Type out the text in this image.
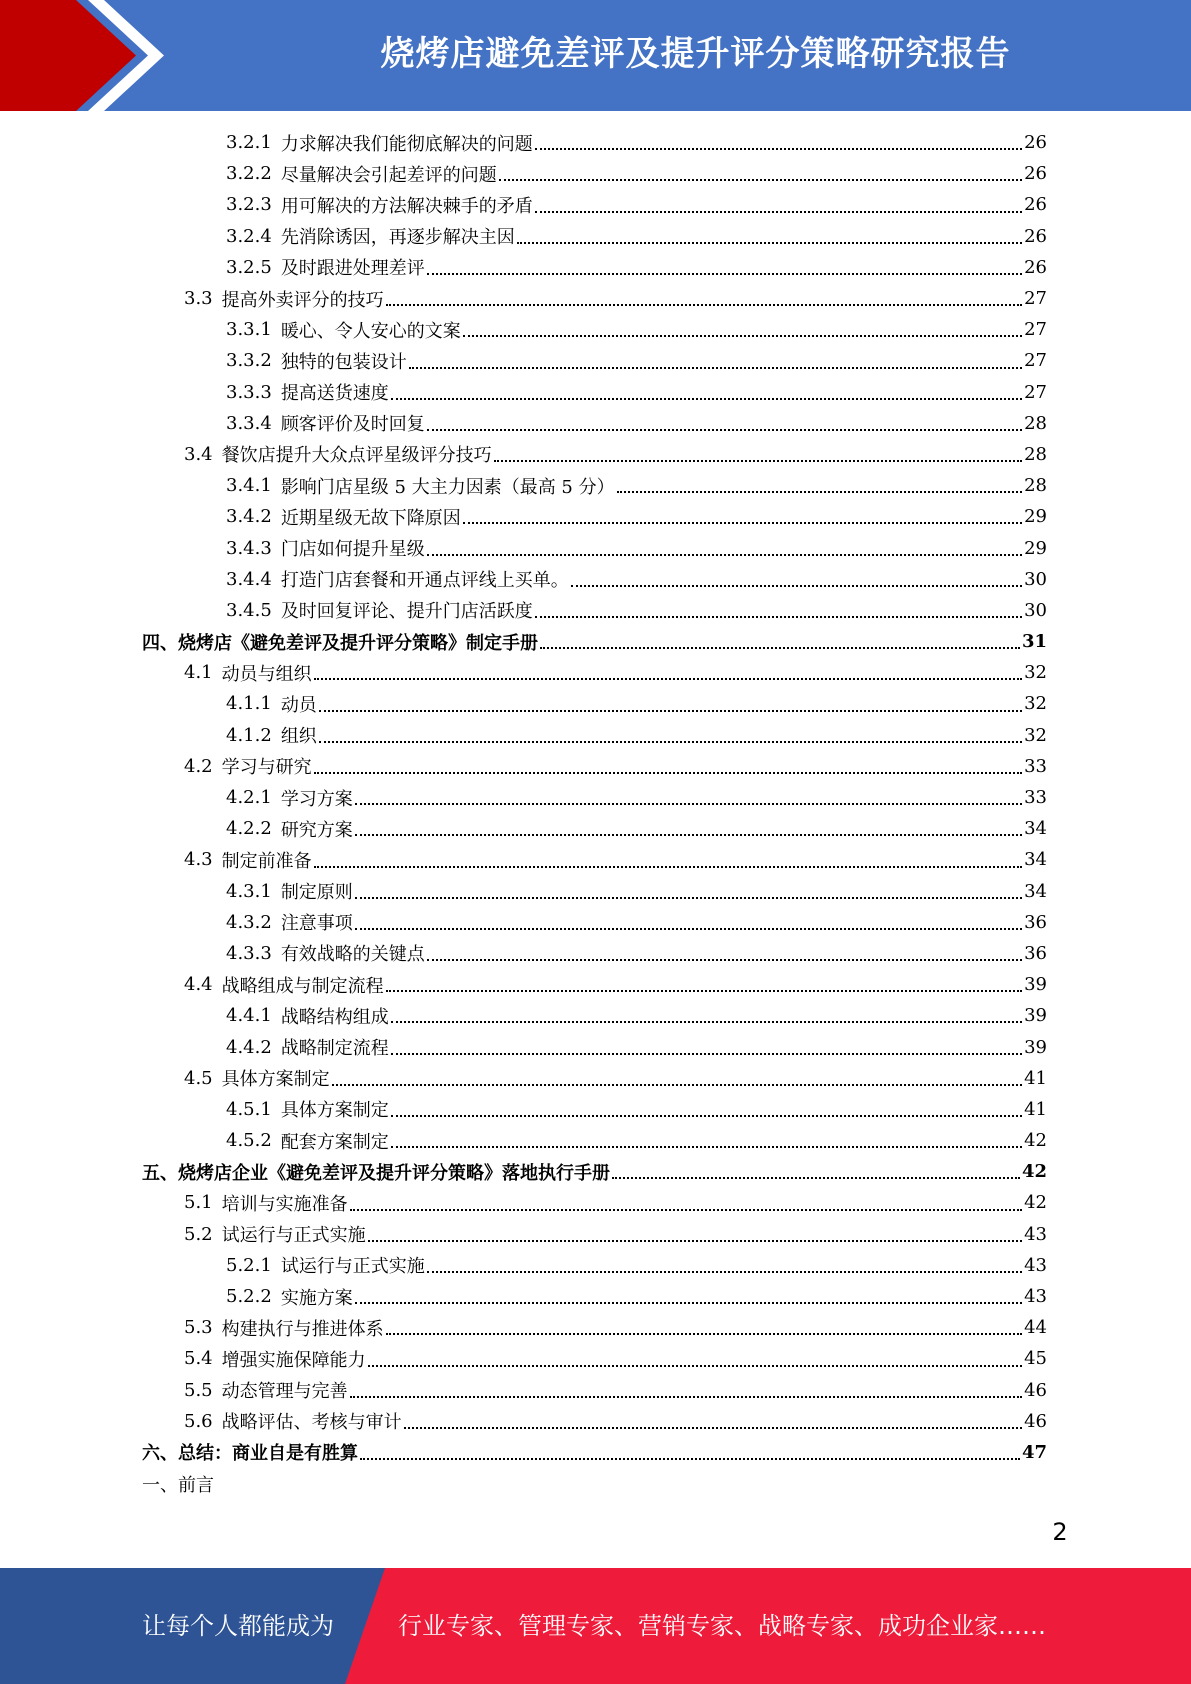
烧烤店避免差评及提升评分策略研究报告
3.2.1 力求解决我们能彻底解决的问题	26
3.2.2 尽量解决会引起差评的问题	26
3.2.3 用可解决的方法解决棘手的矛盾	26
3.2.4 先消除诱因，再逐步解决主因	26
3.2.5 及时跟进处理差评	26
3.3 提高外卖评分的技巧	27
3.3.1 暖心、令人安心的文案	27
3.3.2 独特的包装设计	27
3.3.3 提高送货速度	27
3.3.4 顾客评价及时回复	28
3.4 餐饮店提升大众点评星级评分技巧	28
3.4.1 影响门店星级 5 大主力因素（最高 5 分）	28
3.4.2 近期星级无故下降原因	29
3.4.3 门店如何提升星级	29
3.4.4 打造门店套餐和开通点评线上买单。	30
3.4.5 及时回复评论、提升门店活跃度	30
四、 烧烤店《避免差评及提升评分策略》制定手册	31
4.1 动员与组织	32
4.1.1 动员	32
4.1.2 组织	32
4.2 学习与研究	33
4.2.1 学习方案	33
4.2.2 研究方案	34
4.3 制定前准备	34
4.3.1 制定原则	34
4.3.2 注意事项	36
4.3.3 有效战略的关键点	36
4.4 战略组成与制定流程	39
4.4.1 战略结构组成	39
4.4.2 战略制定流程	39
4.5 具体方案制定	41
4.5.1 具体方案制定	41
4.5.2 配套方案制定	42
五、 烧烤店企业《避免差评及提升评分策略》落地执行手册	42
5.1 培训与实施准备	42
5.2 试运行与正式实施	43
5.2.1 试运行与正式实施	43
5.2.2 实施方案	43
5.3 构建执行与推进体系	44
5.4 增强实施保障能力	45
5.5 动态管理与完善	46
5.6 战略评估、考核与审计	46
六、 总结：商业自是有胜算	47
一、 前言
2
让每个人都能成为	行业专家、管理专家、营销专家、战略专家、成功企业家……
